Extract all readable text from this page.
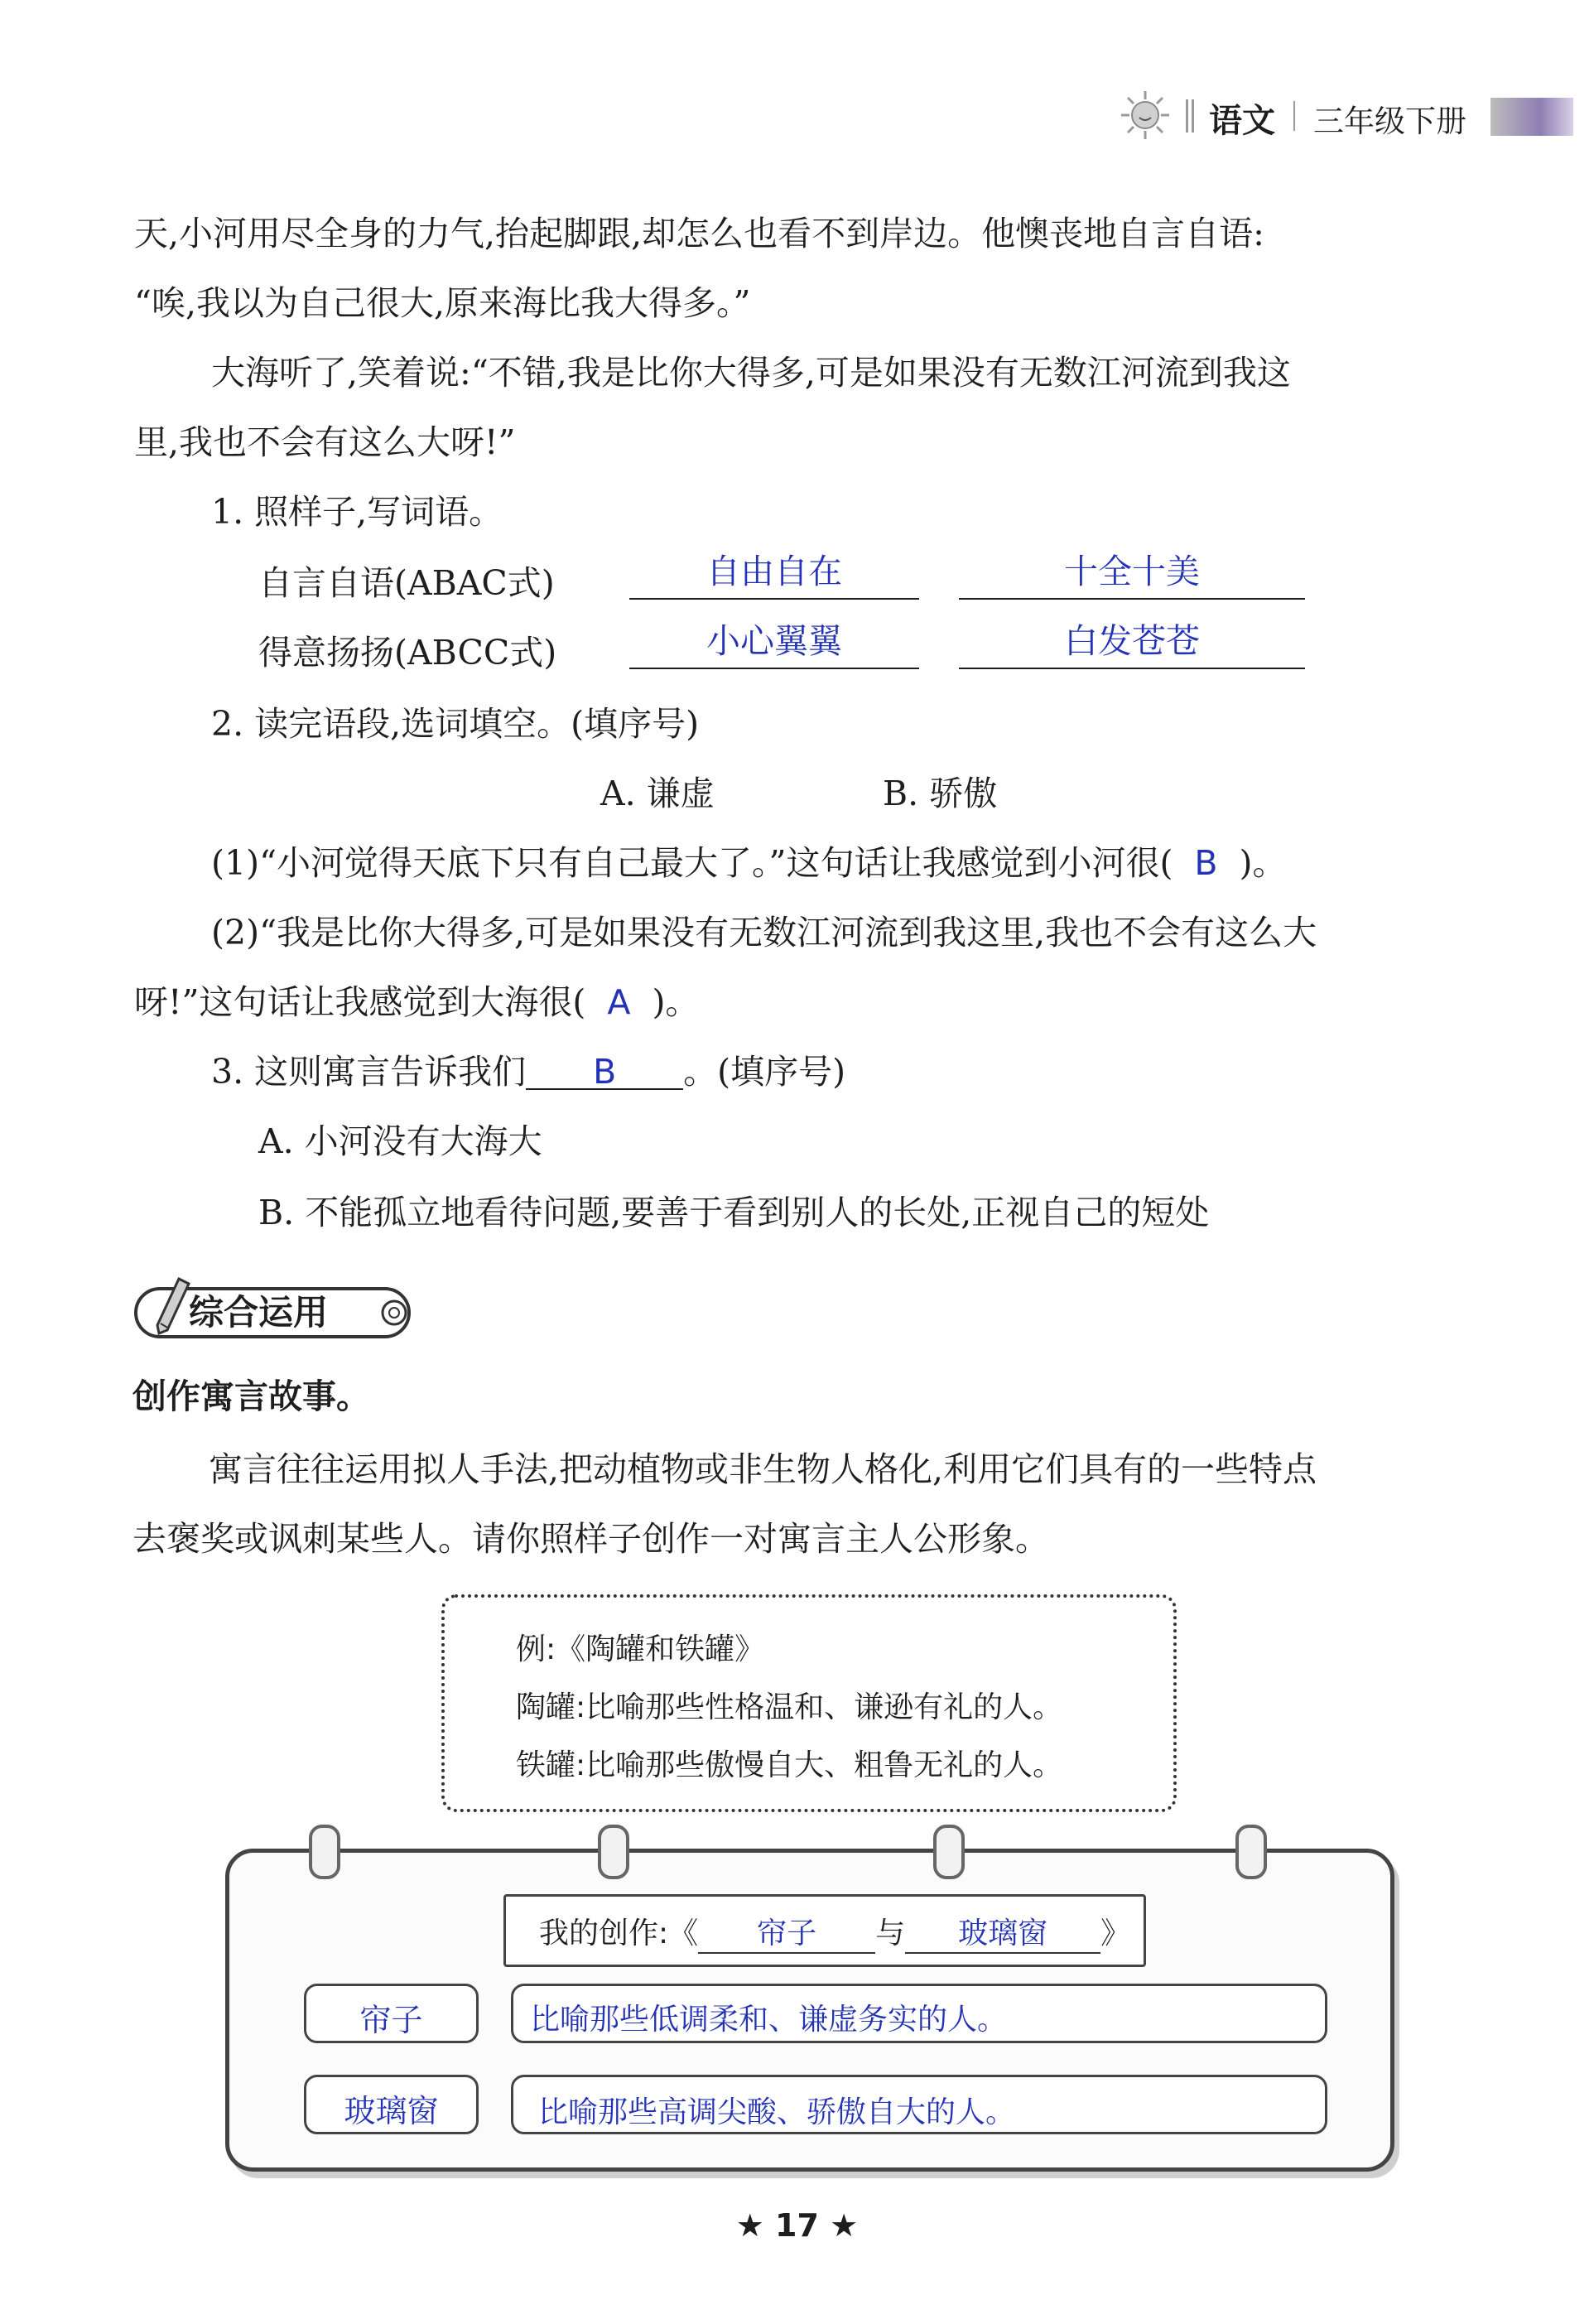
语文 三年级下册
天,小河用尽全身的力气,抬起脚跟,却怎么也看不到岸边。他懊丧地自言自语:
“唉,我以为自己很大,原来海比我大得多。”
大海听了,笑着说:“不错,我是比你大得多,可是如果没有无数江河流到我这
里,我也不会有这么大呀!”
1. 照样子,写词语。
自言自语(ABAC式)	自由自在	十全十美
得意扬扬(ABCC式)	小心翼翼	白发苍苍
2. 读完语段,选词填空。(填序号)
A. 谦虚	B. 骄傲
(1)“小河觉得天底下只有自己最大了。”这句话让我感觉到小河很( B )。
(2)“我是比你大得多,可是如果没有无数江河流到我这里,我也不会有这么大
呀!”这句话让我感觉到大海很( A )。
3. 这则寓言告诉我们 B 。(填序号)
A. 小河没有大海大
B. 不能孤立地看待问题,要善于看到别人的长处,正视自己的短处
综合运用
创作寓言故事。
寓言往往运用拟人手法,把动植物或非生物人格化,利用它们具有的一些特点
去褒奖或讽刺某些人。请你照样子创作一对寓言主人公形象。
例:《陶罐和铁罐》
陶罐:比喻那些性格温和、谦逊有礼的人。
铁罐:比喻那些傲慢自大、粗鲁无礼的人。
我的创作:《 帘子 与 玻璃窗 》
帘子	比喻那些低调柔和、谦虚务实的人。
玻璃窗	比喻那些高调尖酸、骄傲自大的人。
★ 17 ★
